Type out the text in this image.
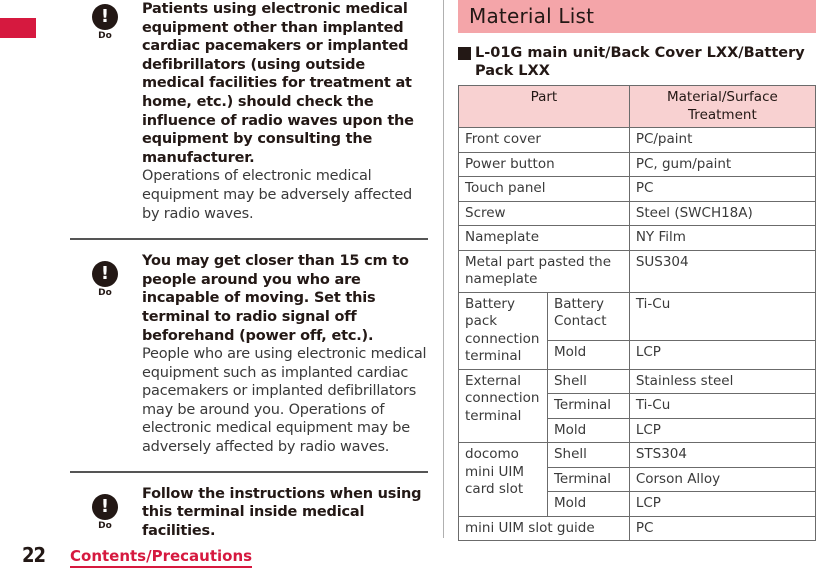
!
Do
Patients using electronic medical equipment other than implanted cardiac pacemakers or implanted defibrillators (using outside medical facilities for treatment at home, etc.) should check the influence of radio waves upon the equipment by consulting the manufacturer.
Operations of electronic medical equipment may be adversely affected by radio waves.
!
Do
You may get closer than 15 cm to people around you who are incapable of moving. Set this terminal to radio signal off beforehand (power off, etc.).
People who are using electronic medical equipment such as implanted cardiac pacemakers or implanted defibrillators may be around you. Operations of electronic medical equipment may be adversely affected by radio waves.
!
Do
Follow the instructions when using this terminal inside medical facilities.
22 Contents/Precautions
Material List
L-01G main unit/Back Cover LXX/Battery Pack LXX
Part		Material/Surface Treatment
Front cover		PC/paint
Power button		PC, gum/paint
Touch panel		PC
Screw		Steel (SWCH18A)
Nameplate		NY Film
Metal part pasted the nameplate		SUS304
Battery pack connection terminal	Battery Contact	Ti-Cu
	Mold	LCP
External connection terminal	Shell	Stainless steel
	Terminal	Ti-Cu
	Mold	LCP
docomo mini UIM card slot	Shell	STS304
	Terminal	Corson Alloy
	Mold	LCP
mini UIM slot guide		PC
